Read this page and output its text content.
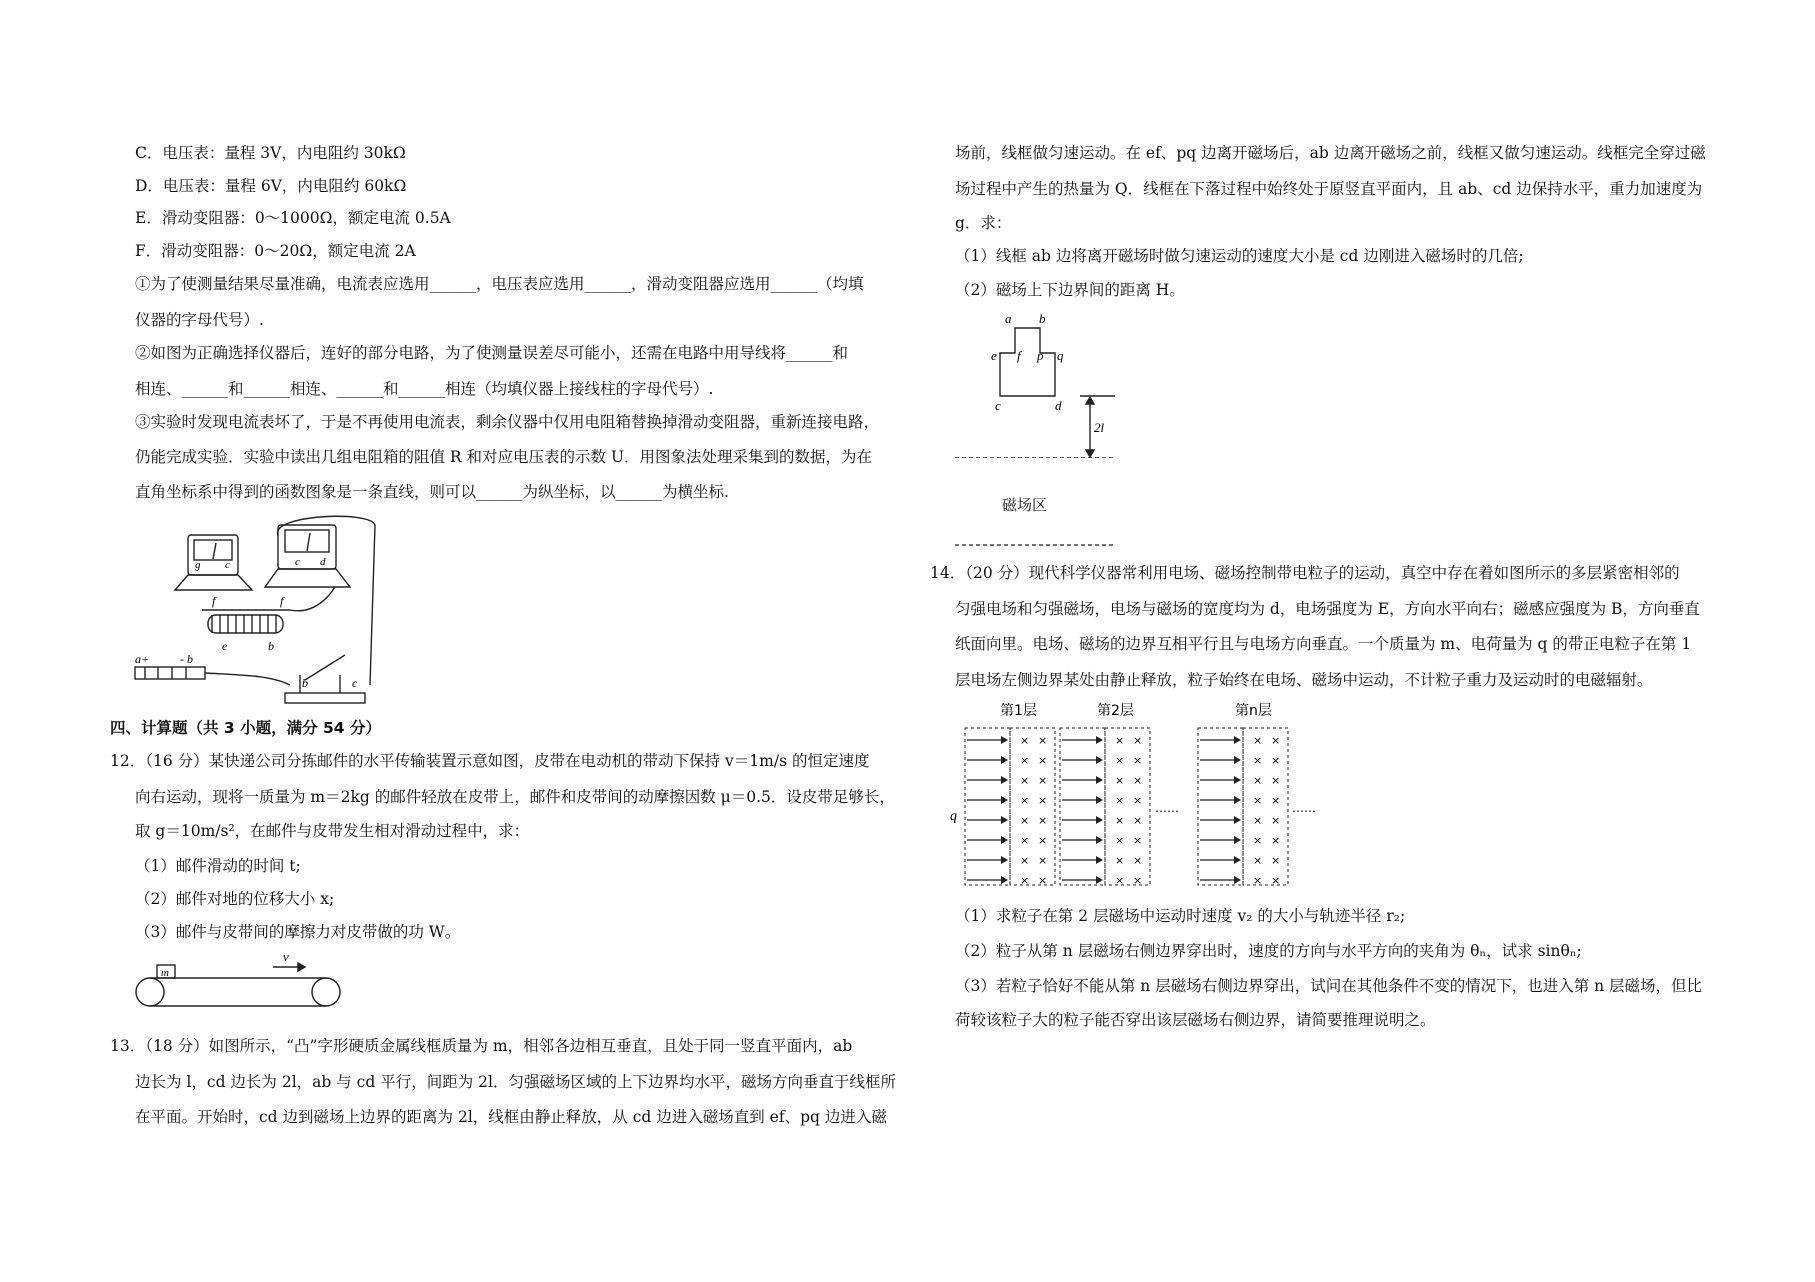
C．电压表：量程 3V，内电阻约 30kΩ
D．电压表：量程 6V，内电阻约 60kΩ
E．滑动变阻器：0～1000Ω，额定电流 0.5A
F．滑动变阻器：0～20Ω，额定电流 2A
①为了使测量结果尽量准确，电流表应选用______，电压表应选用______，滑动变阻器应选用______（均填
仪器的字母代号）.
②如图为正确选择仪器后，连好的部分电路，为了使测量误差尽可能小，还需在电路中用导线将______和
相连、______和______相连、______和______相连（均填仪器上接线柱的字母代号）.
③实验时发现电流表坏了，于是不再使用电流表，剩余仪器中仅用电阻箱替换掉滑动变阻器，重新连接电路，
仍能完成实验．实验中读出几组电阻箱的阻值 R 和对应电压表的示数 U．用图象法处理采集到的数据，为在
直角坐标系中得到的函数图象是一条直线，则可以______为纵坐标，以______为横坐标.
a+	- b
g c	c d
f	f
e	b
b	c
四、计算题（共 3 小题，满分 54 分）
12．（16 分）某快递公司分拣邮件的水平传输装置示意如图，皮带在电动机的带动下保持 v＝1m/s 的恒定速度
向右运动，现将一质量为 m＝2kg 的邮件轻放在皮带上，邮件和皮带间的动摩擦因数 μ＝0.5．设皮带足够长，
取 g＝10m/s²，在邮件与皮带发生相对滑动过程中，求：
（1）邮件滑动的时间 t;
（2）邮件对地的位移大小 x;
（3）邮件与皮带间的摩擦力对皮带做的功 W。
m
v
13．（18 分）如图所示，“凸”字形硬质金属线框质量为 m，相邻各边相互垂直，且处于同一竖直平面内，ab
边长为 l，cd 边长为 2l，ab 与 cd 平行，间距为 2l．匀强磁场区域的上下边界均水平，磁场方向垂直于线框所
在平面。开始时，cd 边到磁场上边界的距离为 2l，线框由静止释放，从 cd 边进入磁场直到 ef、pq 边进入磁
场前，线框做匀速运动。在 ef、pq 边离开磁场后，ab 边离开磁场之前，线框又做匀速运动。线框完全穿过磁
场过程中产生的热量为 Q．线框在下落过程中始终处于原竖直平面内，且 ab、cd 边保持水平，重力加速度为
g．求：
（1）线框 ab 边将离开磁场时做匀速运动的速度大小是 cd 边刚进入磁场时的几倍;
（2）磁场上下边界间的距离 H。
a b
e f p q
c	d
2l
磁场区
14．（20 分）现代科学仪器常利用电场、磁场控制带电粒子的运动，真空中存在着如图所示的多层紧密相邻的
匀强电场和匀强磁场，电场与磁场的宽度均为 d，电场强度为 E，方向水平向右；磁感应强度为 B，方向垂直
纸面向里。电场、磁场的边界互相平行且与电场方向垂直。一个质量为 m、电荷量为 q 的带正电粒子在第 1
层电场左侧边界某处由静止释放，粒子始终在电场、磁场中运动，不计粒子重力及运动时的电磁辐射。
第1层	第2层	第n层
q
× ×
× ×
× ×
× ×
× ×
× ×
× ×
× ×
× ×
× ×
× ×
× ×
× ×
× ×
× ×
× ×
× ×
× ×
× ×
× ×
× ×
× ×
× ×
× ×
……	……
（1）求粒子在第 2 层磁场中运动时速度 v₂ 的大小与轨迹半径 r₂;
（2）粒子从第 n 层磁场右侧边界穿出时，速度的方向与水平方向的夹角为 θₙ，试求 sinθₙ;
（3）若粒子恰好不能从第 n 层磁场右侧边界穿出，试问在其他条件不变的情况下，也进入第 n 层磁场，但比
荷较该粒子大的粒子能否穿出该层磁场右侧边界，请简要推理说明之。
